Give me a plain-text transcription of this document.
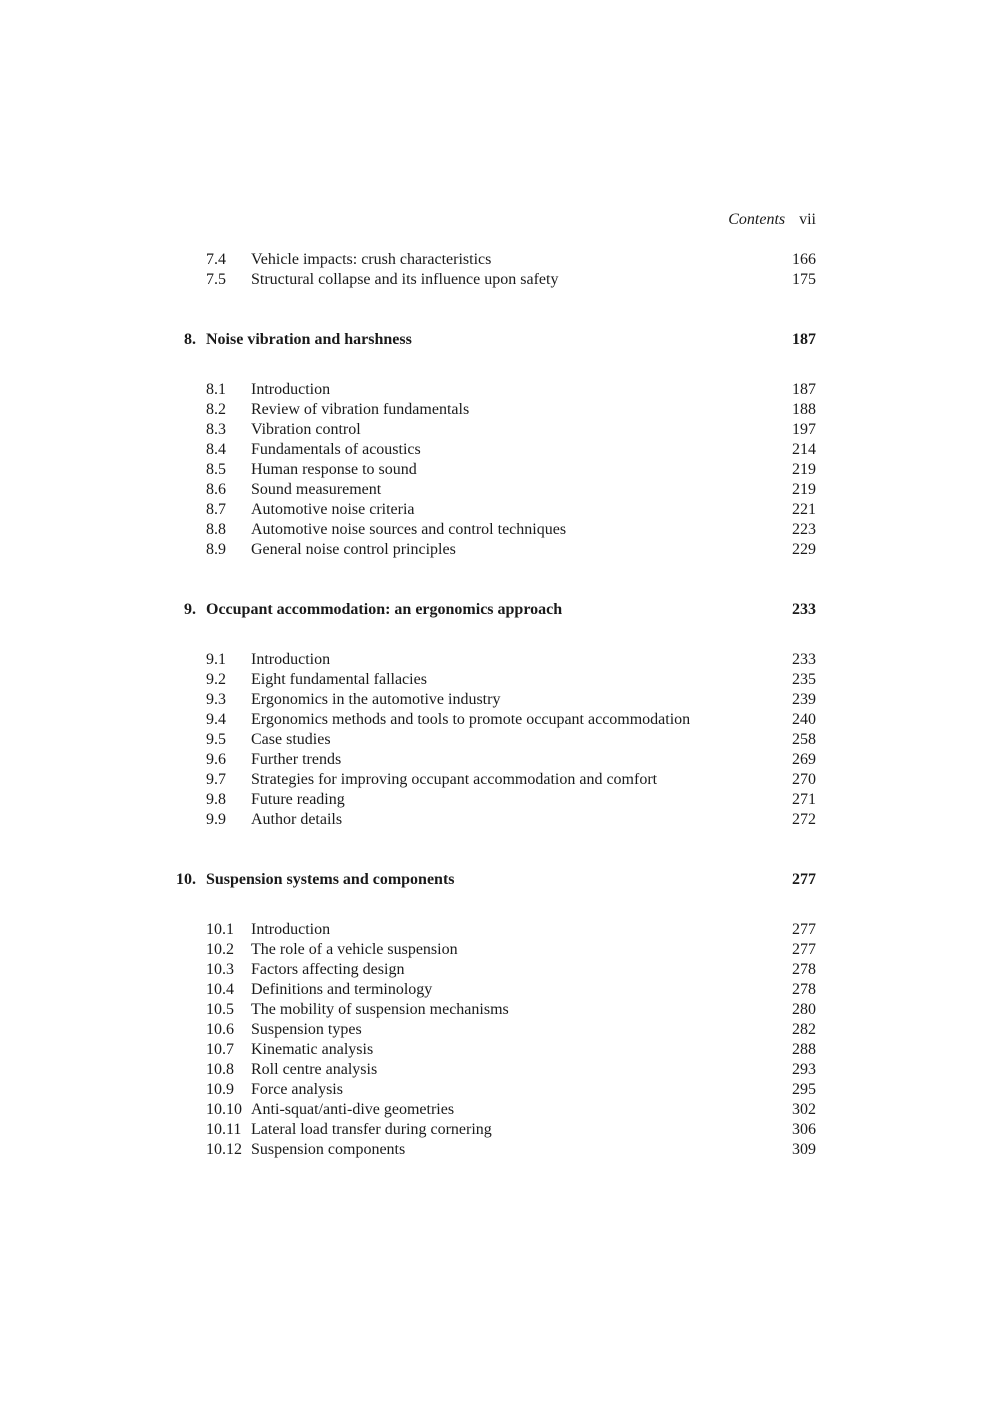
Contents vii
7.4 Vehicle impacts: crush characteristics	166
7.5 Structural collapse and its influence upon safety	175
8. Noise vibration and harshness	187
8.1 Introduction	187
8.2 Review of vibration fundamentals	188
8.3 Vibration control	197
8.4 Fundamentals of acoustics	214
8.5 Human response to sound	219
8.6 Sound measurement	219
8.7 Automotive noise criteria	221
8.8 Automotive noise sources and control techniques	223
8.9 General noise control principles	229
9. Occupant accommodation: an ergonomics approach	233
9.1 Introduction	233
9.2 Eight fundamental fallacies	235
9.3 Ergonomics in the automotive industry	239
9.4 Ergonomics methods and tools to promote occupant accommodation	240
9.5 Case studies	258
9.6 Further trends	269
9.7 Strategies for improving occupant accommodation and comfort	270
9.8 Future reading	271
9.9 Author details	272
10. Suspension systems and components	277
10.1 Introduction	277
10.2 The role of a vehicle suspension	277
10.3 Factors affecting design	278
10.4 Definitions and terminology	278
10.5 The mobility of suspension mechanisms	280
10.6 Suspension types	282
10.7 Kinematic analysis	288
10.8 Roll centre analysis	293
10.9 Force analysis	295
10.10 Anti-squat/anti-dive geometries	302
10.11 Lateral load transfer during cornering	306
10.12 Suspension components	309
